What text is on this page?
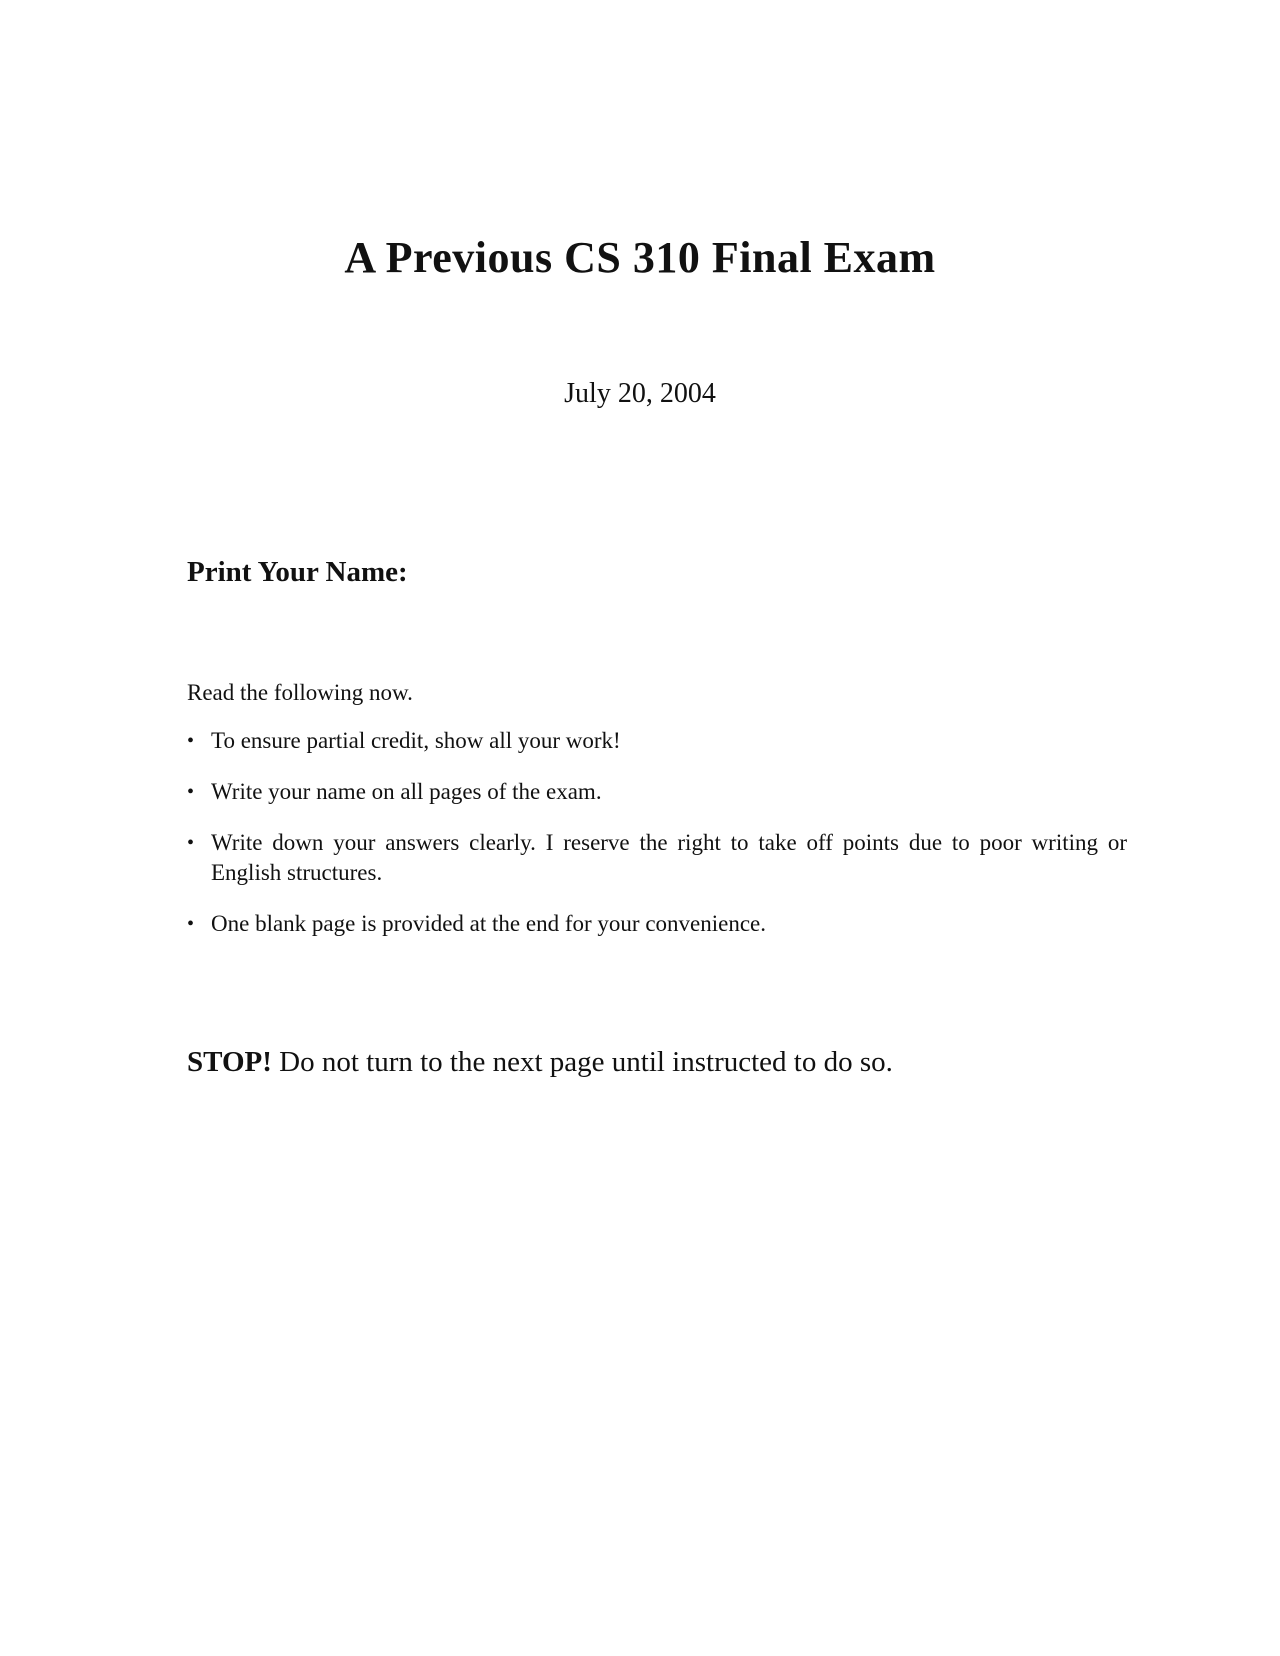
A Previous CS 310 Final Exam

July 20, 2004

Print Your Name:

Read the following now.

• To ensure partial credit, show all your work!
• Write your name on all pages of the exam.
• Write down your answers clearly. I reserve the right to take off points due to poor writing or English structures.
• One blank page is provided at the end for your convenience.

STOP! Do not turn to the next page until instructed to do so.
